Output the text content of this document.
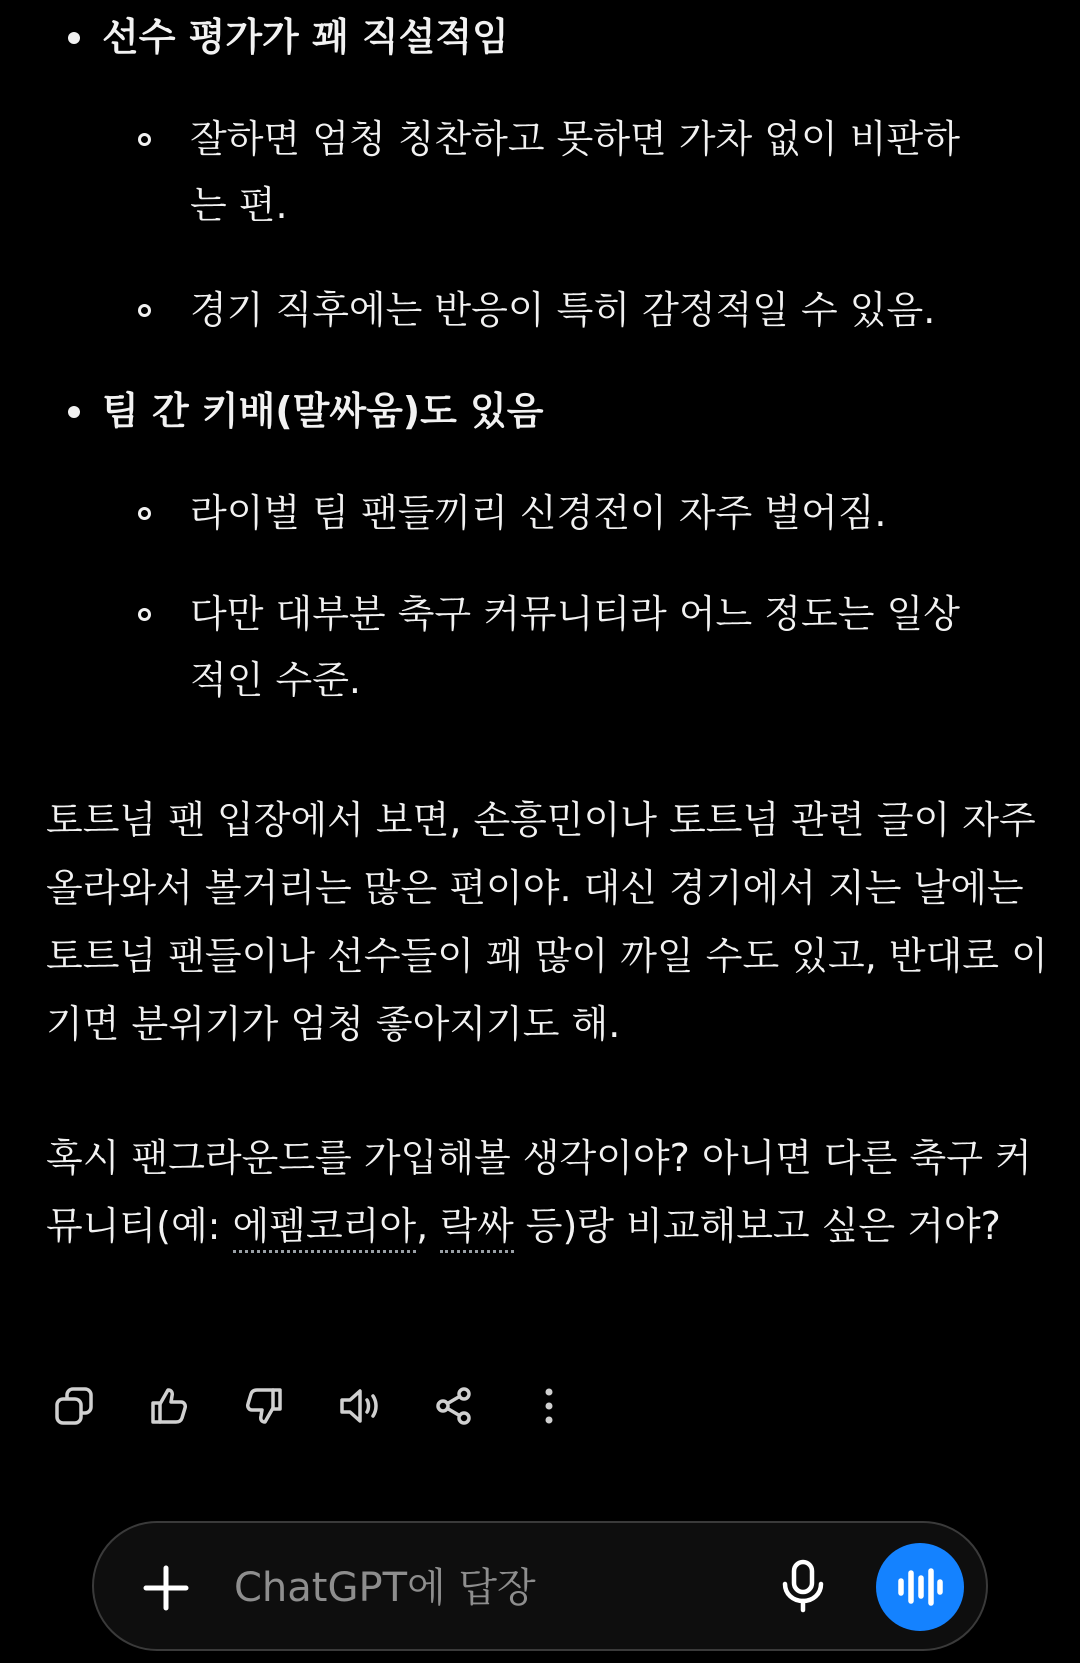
선수 평가가 꽤 직설적임
잘하면 엄청 칭찬하고 못하면 가차 없이 비판하는 편.
경기 직후에는 반응이 특히 감정적일 수 있음.
팀 간 키배(말싸움)도 있음
라이벌 팀 팬들끼리 신경전이 자주 벌어짐.
다만 대부분 축구 커뮤니티라 어느 정도는 일상적인 수준.
토트넘 팬 입장에서 보면, 손흥민이나 토트넘 관련 글이 자주 올라와서 볼거리는 많은 편이야. 대신 경기에서 지는 날에는 토트넘 팬들이나 선수들이 꽤 많이 까일 수도 있고, 반대로 이기면 분위기가 엄청 좋아지기도 해.
혹시 팬그라운드를 가입해볼 생각이야? 아니면 다른 축구 커뮤니티(예: 에펨코리아, 락싸 등)랑 비교해보고 싶은 거야?
ChatGPT에 답장
